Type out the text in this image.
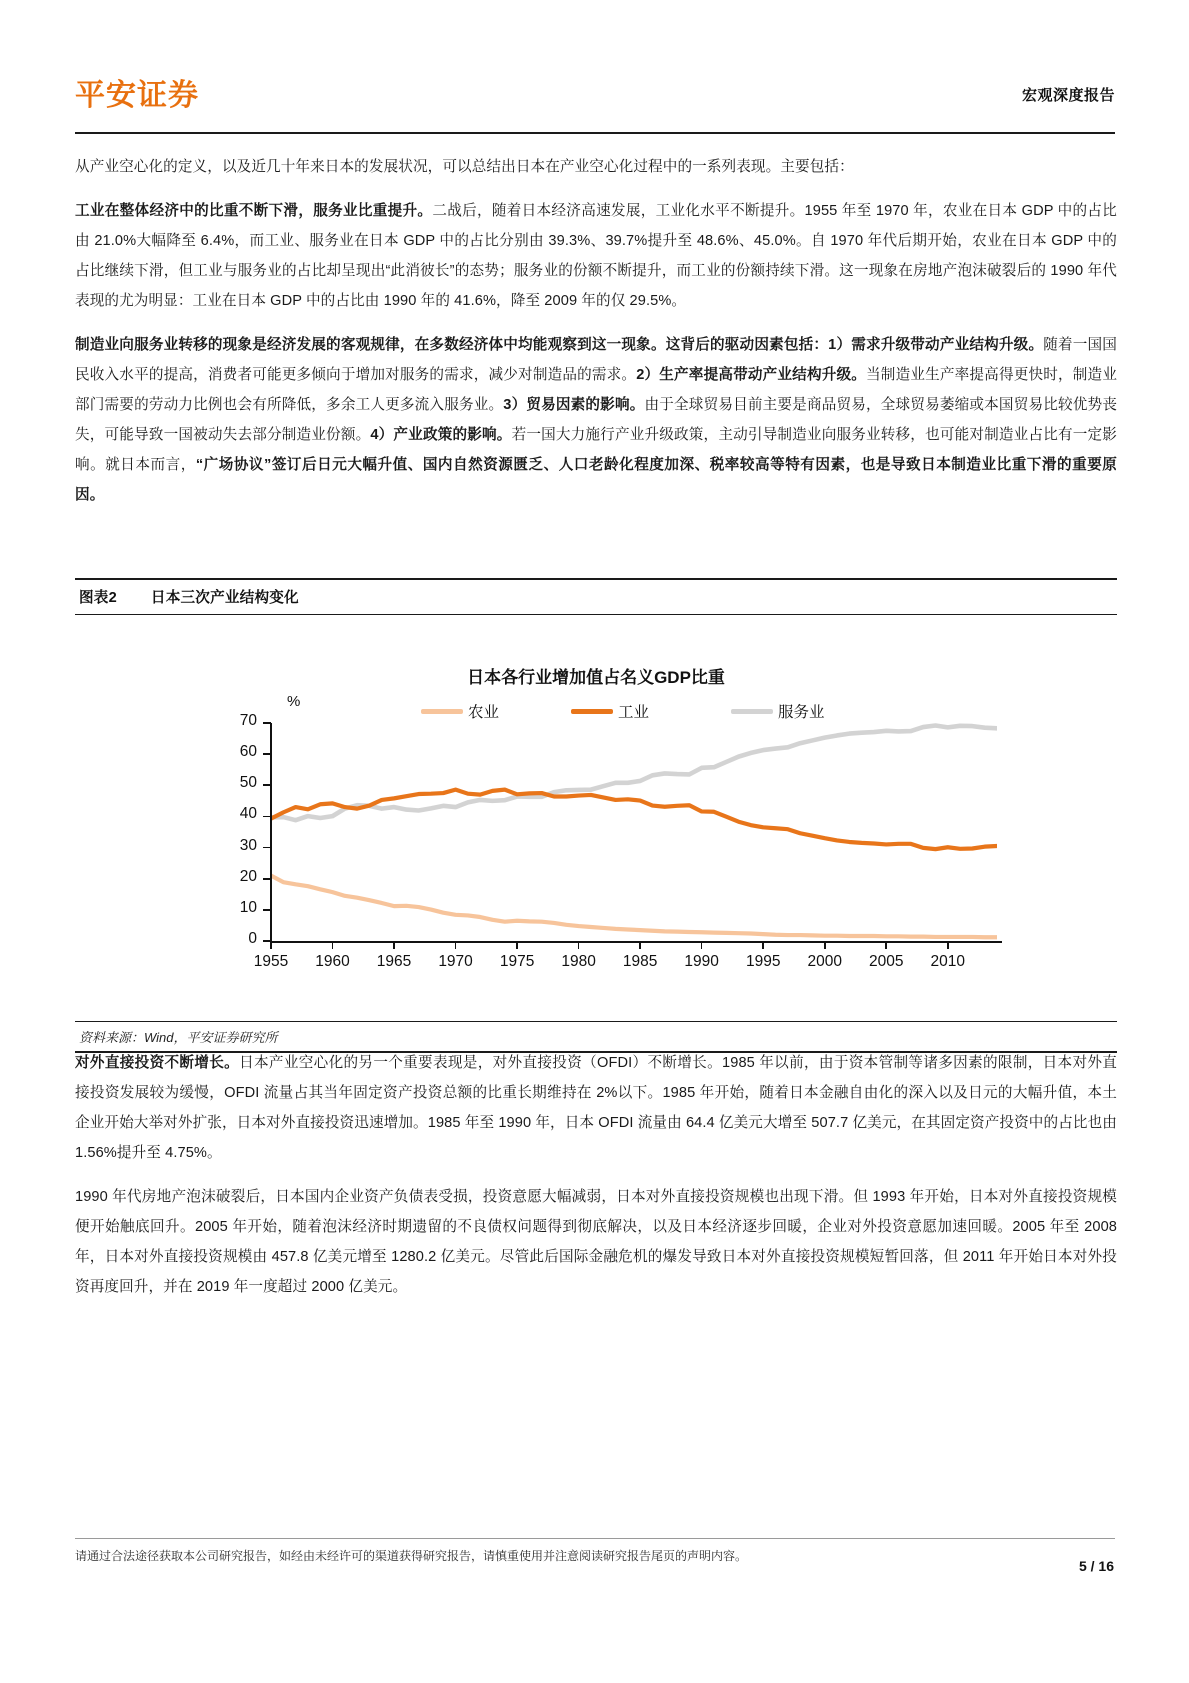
平安证券	宏观深度报告

从产业空心化的定义，以及近几十年来日本的发展状况，可以总结出日本在产业空心化过程中的一系列表现。主要包括：

工业在整体经济中的比重不断下滑，服务业比重提升。二战后，随着日本经济高速发展，工业化水平不断提升。1955 年至 1970 年，农业在日本 GDP 中的占比由 21.0%大幅降至 6.4%，而工业、服务业在日本 GDP 中的占比分别由 39.3%、39.7%提升至 48.6%、45.0%。自 1970 年代后期开始，农业在日本 GDP 中的占比继续下滑，但工业与服务业的占比却呈现出“此消彼长”的态势；服务业的份额不断提升，而工业的份额持续下滑。这一现象在房地产泡沫破裂后的 1990 年代表现的尤为明显：工业在日本 GDP 中的占比由 1990 年的 41.6%，降至 2009 年的仅 29.5%。

制造业向服务业转移的现象是经济发展的客观规律，在多数经济体中均能观察到这一现象。这背后的驱动因素包括：1）需求升级带动产业结构升级。随着一国国民收入水平的提高，消费者可能更多倾向于增加对服务的需求，减少对制造品的需求。2）生产率提高带动产业结构升级。当制造业生产率提高得更快时，制造业部门需要的劳动力比例也会有所降低，多余工人更多流入服务业。3）贸易因素的影响。由于全球贸易目前主要是商品贸易，全球贸易萎缩或本国贸易比较优势丧失，可能导致一国被动失去部分制造业份额。4）产业政策的影响。若一国大力施行产业升级政策，主动引导制造业向服务业转移，也可能对制造业占比有一定影响。就日本而言，“广场协议”签订后日元大幅升值、国内自然资源匮乏、人口老龄化程度加深、税率较高等特有因素，也是导致日本制造业比重下滑的重要原因。

图表2 日本三次产业结构变化
日本各行业增加值占名义GDP比重
农业	工业	服务业
%
0
10
20
30
40
50
60
70
1955	1960	1965	1970	1975	1980	1985	1990	1995	2000	2005	2010
资料来源：Wind，平安证券研究所

对外直接投资不断增长。日本产业空心化的另一个重要表现是，对外直接投资（OFDI）不断增长。1985 年以前，由于资本管制等诸多因素的限制，日本对外直接投资发展较为缓慢，OFDI 流量占其当年固定资产投资总额的比重长期维持在 2%以下。1985 年开始，随着日本金融自由化的深入以及日元的大幅升值，本土企业开始大举对外扩张，日本对外直接投资迅速增加。1985 年至 1990 年，日本 OFDI 流量由 64.4 亿美元大增至 507.7 亿美元，在其固定资产投资中的占比也由 1.56%提升至 4.75%。

1990 年代房地产泡沫破裂后，日本国内企业资产负债表受损，投资意愿大幅减弱，日本对外直接投资规模也出现下滑。但 1993 年开始，日本对外直接投资规模便开始触底回升。2005 年开始，随着泡沫经济时期遗留的不良债权问题得到彻底解决，以及日本经济逐步回暖，企业对外投资意愿加速回暖。2005 年至 2008 年，日本对外直接投资规模由 457.8 亿美元增至 1280.2 亿美元。尽管此后国际金融危机的爆发导致日本对外直接投资规模短暂回落，但 2011 年开始日本对外投资再度回升，并在 2019 年一度超过 2000 亿美元。

请通过合法途径获取本公司研究报告，如经由未经许可的渠道获得研究报告，请慎重使用并注意阅读研究报告尾页的声明内容。
5 / 16
